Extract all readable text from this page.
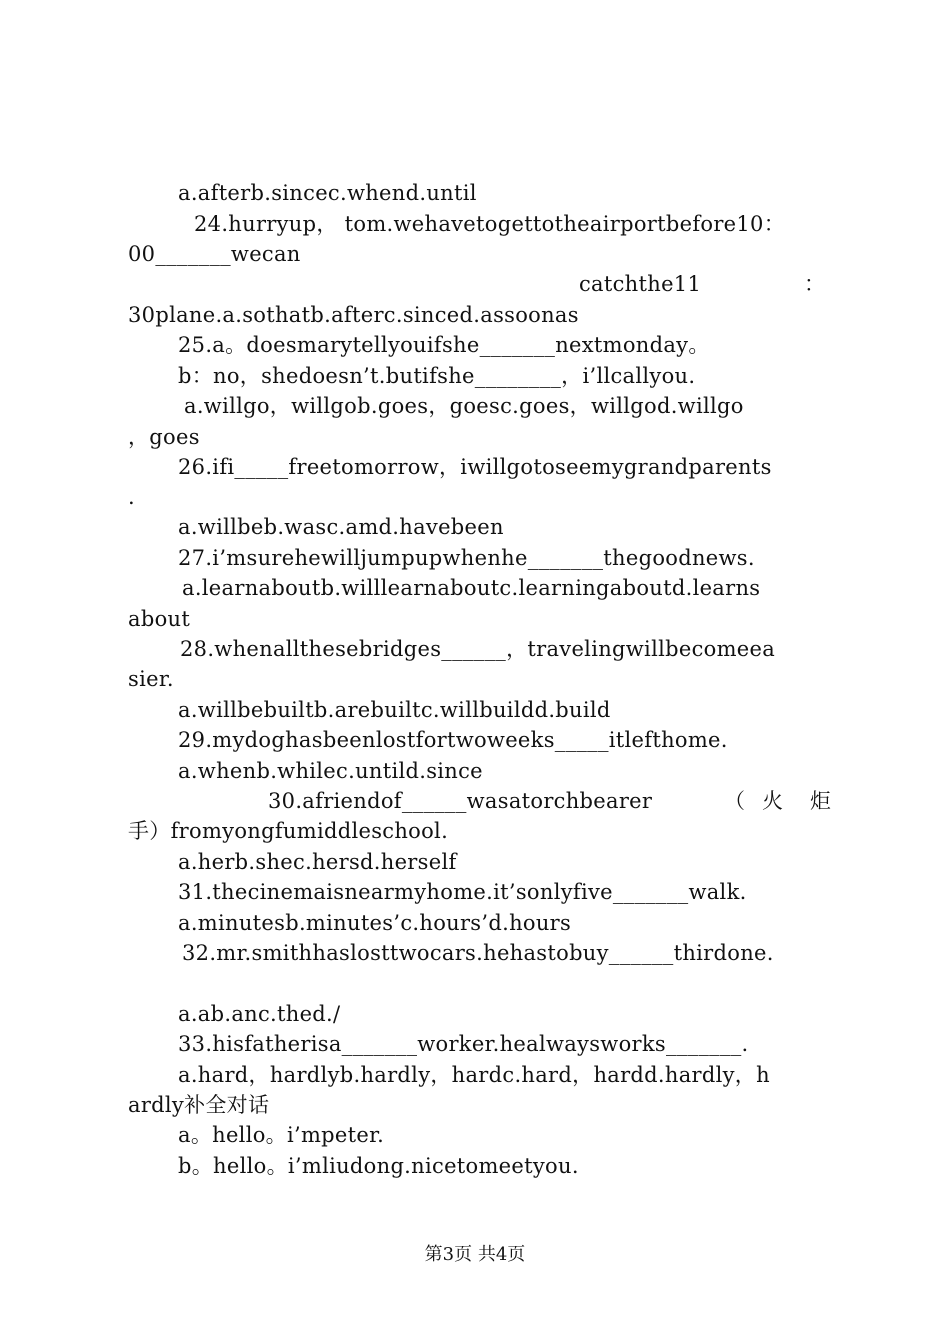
a.afterb.sincec.whend.until
24.hurryup， tom.wehavetogettotheairportbefore10：
00_______wecan
catchthe11	：
30plane.a.sothatb.afterc.sinced.assoonas
25.a。doesmarytellyouifshe_______nextmonday。
b：no，shedoesn’t.butifshe________，i’llcallyou.
a.willgo，willgob.goes，goesc.goes，willgod.willgo
，goes
26.ifi_____freetomorrow，iwillgotoseemygrandparents
.
a.willbeb.wasc.amd.havebeen
27.i’msurehewilljumpupwhenhe_______thegoodnews.
a.learnaboutb.willlearnaboutc.learningaboutd.learns
about
28.whenallthesebridges______，travelingwillbecomeea
sier.
a.willbebuiltb.arebuiltc.willbuildd.build
29.mydoghasbeenlostfortwoweeks_____itlefthome.
a.whenb.whilec.untild.since
30.afriendof______wasatorchbearer	（ 火 炬
手）fromyongfumiddleschool.
a.herb.shec.hersd.herself
31.thecinemaisnearmyhome.it’sonlyfive_______walk.
a.minutesb.minutes’c.hours’d.hours
32.mr.smithhaslosttwocars.hehastobuy______thirdone.
a.ab.anc.thed./
33.hisfatherisa_______worker.healwaysworks_______.
a.hard，hardlyb.hardly，hardc.hard，hardd.hardly，h
ardly补全对话
a。hello。i’mpeter.
b。hello。i’mliudong.nicetomeetyou.
第3页 共4页
